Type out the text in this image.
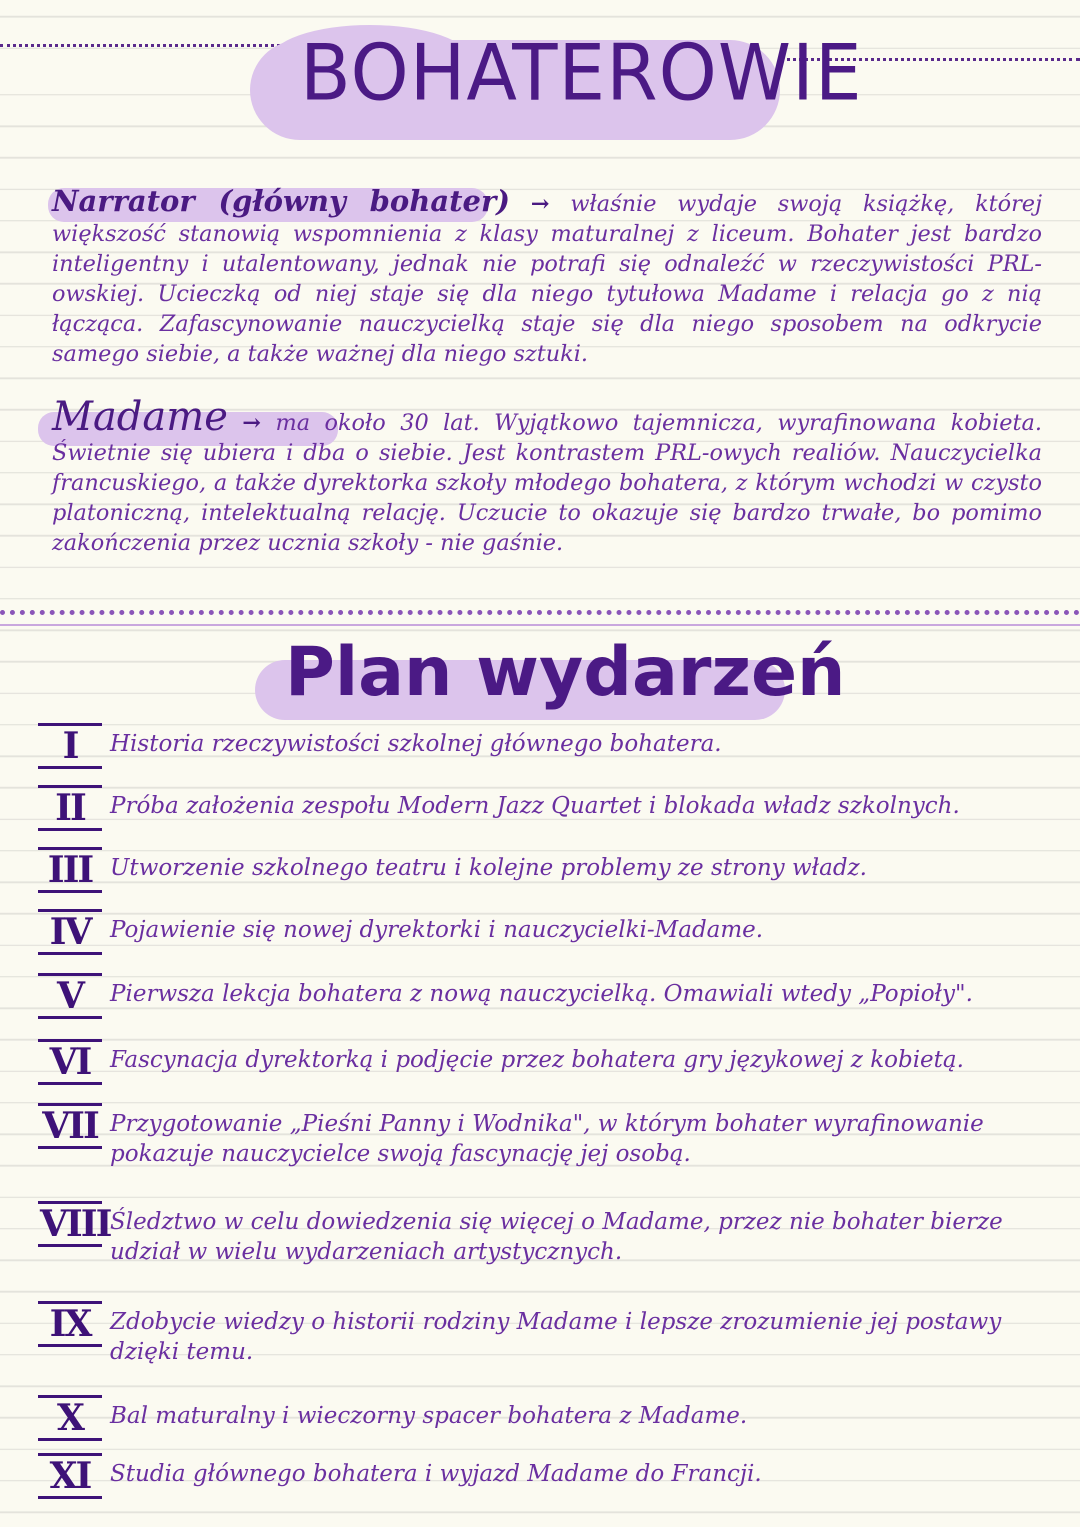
BOHATEROWIE

Narrator (główny bohater) → właśnie wydaje swoją książkę, której większość stanowią wspomnienia z klasy maturalnej z liceum. Bohater jest bardzo inteligentny i utalentowany, jednak nie potrafi się odnaleźć w rzeczywistości PRL-owskiej. Ucieczką od niej staje się dla niego tytułowa Madame i relacja go z nią łącząca. Zafascynowanie nauczycielką staje się dla niego sposobem na odkrycie samego siebie, a także ważnej dla niego sztuki.

Madame → ma około 30 lat. Wyjątkowo tajemnicza, wyrafinowana kobieta. Świetnie się ubiera i dba o siebie. Jest kontrastem PRL-owych realiów. Nauczycielka francuskiego, a także dyrektorka szkoły młodego bohatera, z którym wchodzi w czysto platoniczną, intelektualną relację. Uczucie to okazuje się bardzo trwałe, bo pomimo zakończenia przez ucznia szkoły - nie gaśnie.

Plan wydarzeń
I	Historia rzeczywistości szkolnej głównego bohatera.
II	Próba założenia zespołu Modern Jazz Quartet i blokada władz szkolnych.
III Utworzenie szkolnego teatru i kolejne problemy ze strony władz.
IV Pojawienie się nowej dyrektorki i nauczycielki-Madame.
V	Pierwsza lekcja bohatera z nową nauczycielką. Omawiali wtedy „Popioły".
VI Fascynacja dyrektorką i podjęcie przez bohatera gry językowej z kobietą.
VII Przygotowanie „Pieśni Panny i Wodnika", w którym bohater wyrafinowanie pokazuje nauczycielce swoją fascynację jej osobą.
VIII Śledztwo w celu dowiedzenia się więcej o Madame, przez nie bohater bierze udział w wielu wydarzeniach artystycznych.
IX Zdobycie wiedzy o historii rodziny Madame i lepsze zrozumienie jej postawy dzięki temu.
X	Bal maturalny i wieczorny spacer bohatera z Madame.
XI Studia głównego bohatera i wyjazd Madame do Francji.
